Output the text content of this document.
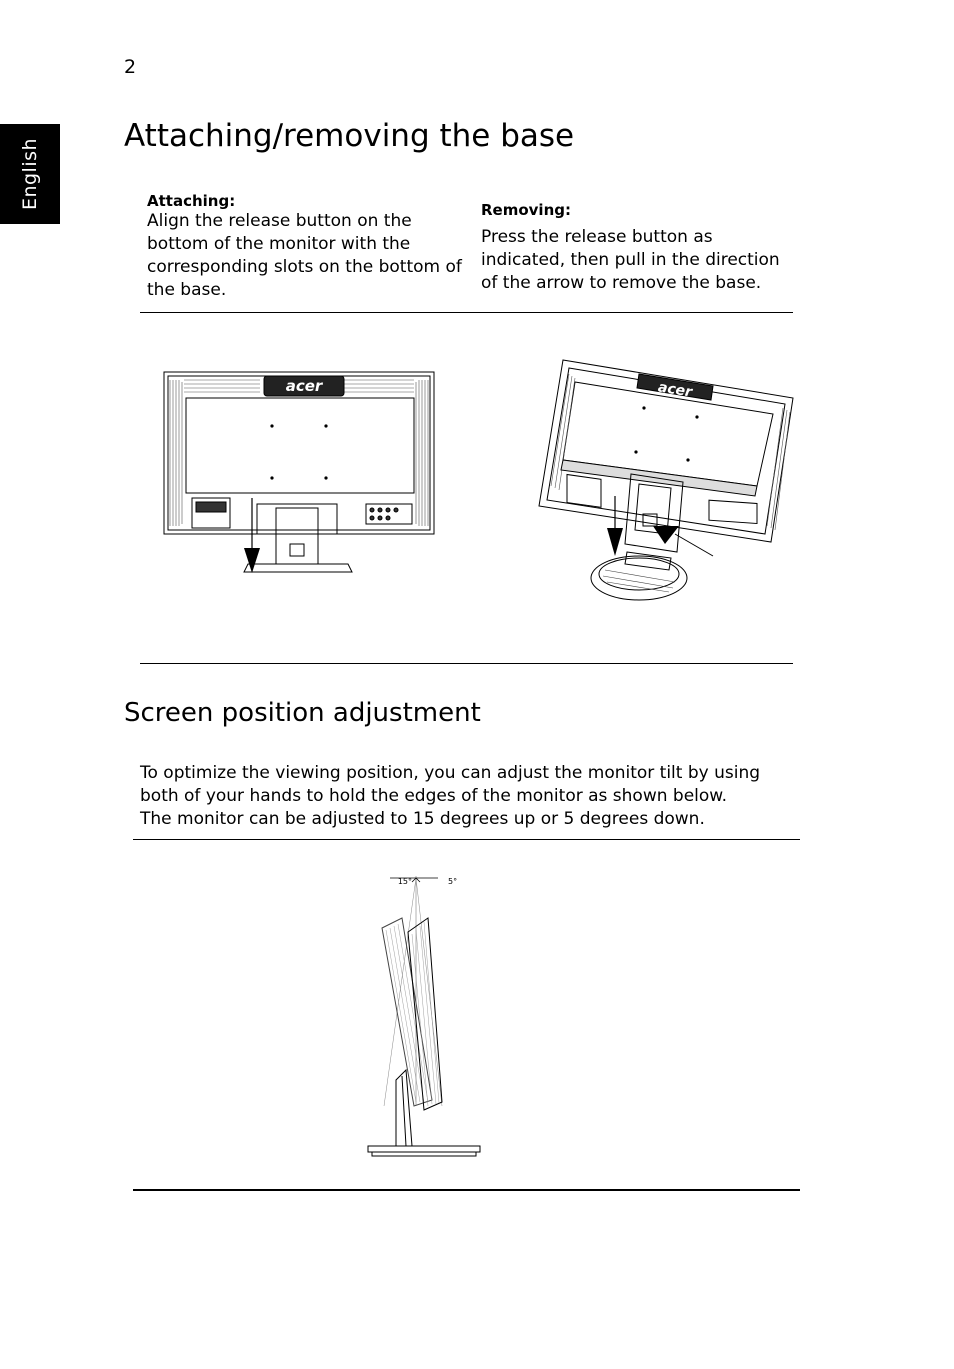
2
English
Attaching/removing the base
Attaching:
Align the release button on the
bottom of the monitor with the
corresponding slots on the bottom of
the base.
Removing:
Press the release button as
indicated, then pull in the direction
of the arrow to remove the base.
acer	acer
Screen position adjustment
To optimize the viewing position, you can adjust the monitor tilt by using
both of your hands to hold the edges of the monitor as shown below.
The monitor can be adjusted to 15 degrees up or 5 degrees down.
15°	5°
